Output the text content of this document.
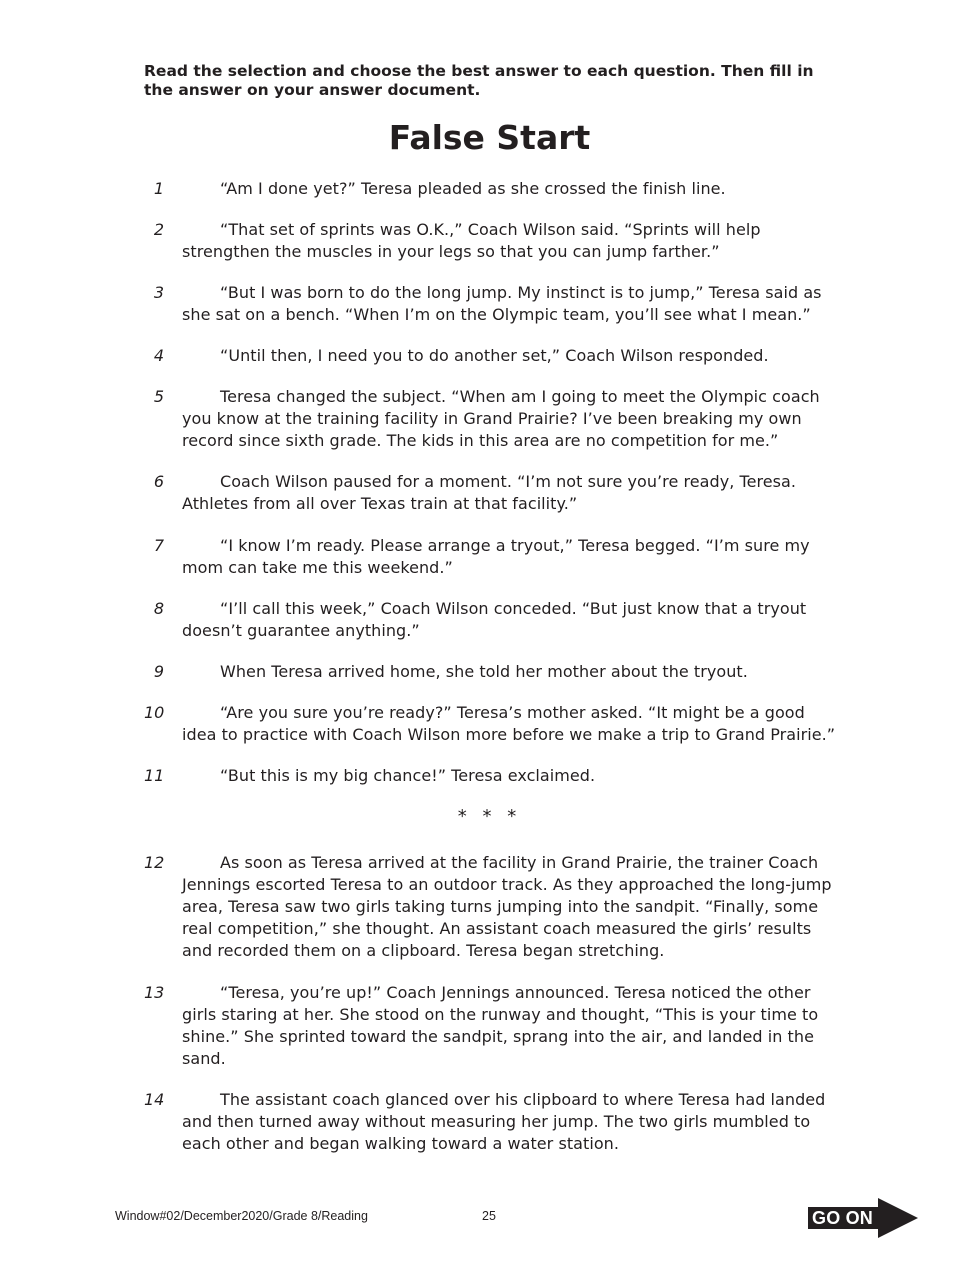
Read the selection and choose the best answer to each question. Then fill in the answer on your answer document.
False Start
1	“Am I done yet?” Teresa pleaded as she crossed the finish line.
2	“That set of sprints was O.K.,” Coach Wilson said. “Sprints will help strengthen the muscles in your legs so that you can jump farther.”
3	“But I was born to do the long jump. My instinct is to jump,” Teresa said as she sat on a bench. “When I’m on the Olympic team, you’ll see what I mean.”
4	“Until then, I need you to do another set,” Coach Wilson responded.
5	Teresa changed the subject. “When am I going to meet the Olympic coach you know at the training facility in Grand Prairie? I’ve been breaking my own record since sixth grade. The kids in this area are no competition for me.”
6	Coach Wilson paused for a moment. “I’m not sure you’re ready, Teresa. Athletes from all over Texas train at that facility.”
7	“I know I’m ready. Please arrange a tryout,” Teresa begged. “I’m sure my mom can take me this weekend.”
8	“I’ll call this week,” Coach Wilson conceded. “But just know that a tryout doesn’t guarantee anything.”
9	When Teresa arrived home, she told her mother about the tryout.
10	“Are you sure you’re ready?” Teresa’s mother asked. “It might be a good idea to practice with Coach Wilson more before we make a trip to Grand Prairie.”
11	“But this is my big chance!” Teresa exclaimed.
* * *
12	As soon as Teresa arrived at the facility in Grand Prairie, the trainer Coach Jennings escorted Teresa to an outdoor track. As they approached the long-jump area, Teresa saw two girls taking turns jumping into the sandpit. “Finally, some real competition,” she thought. An assistant coach measured the girls’ results and recorded them on a clipboard. Teresa began stretching.
13	“Teresa, you’re up!” Coach Jennings announced. Teresa noticed the other girls staring at her. She stood on the runway and thought, “This is your time to shine.” She sprinted toward the sandpit, sprang into the air, and landed in the sand.
14	The assistant coach glanced over his clipboard to where Teresa had landed and then turned away without measuring her jump. The two girls mumbled to each other and began walking toward a water station.
Window#02/December2020/Grade 8/Reading	25	GO ON
